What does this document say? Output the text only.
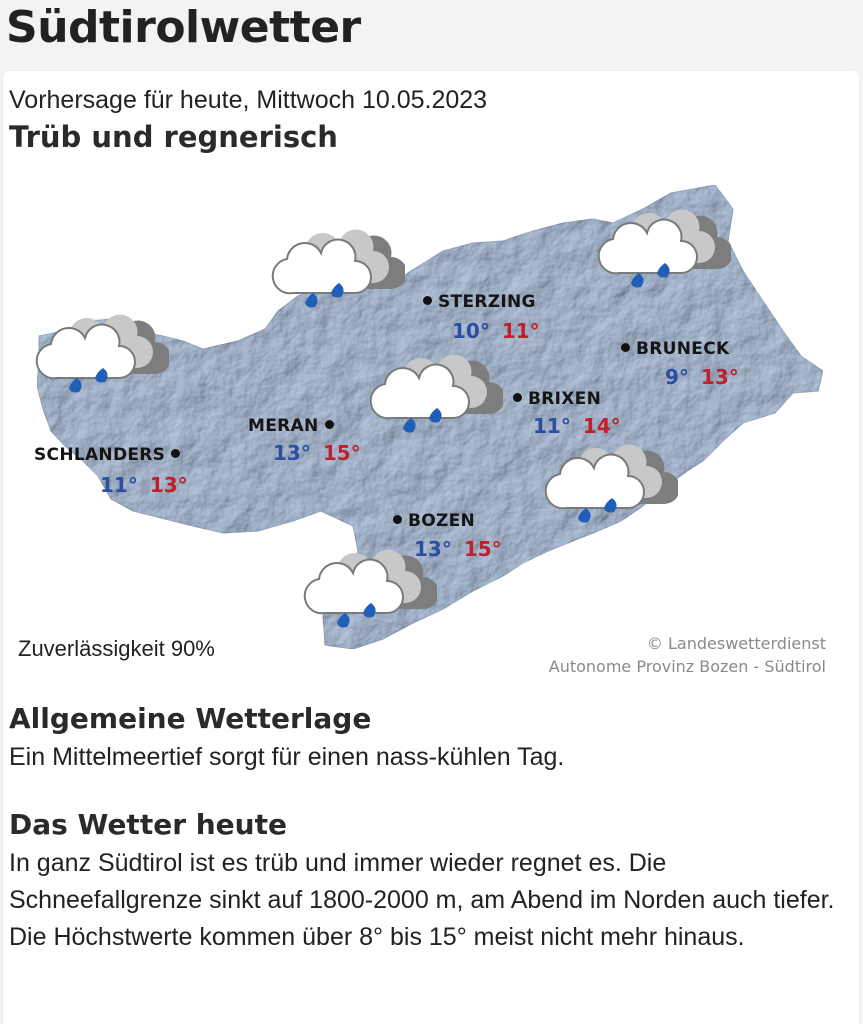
Südtirolwetter
Vorhersage für heute, Mittwoch 10.05.2023
Trüb und regnerisch
STERZING
10° 11°
BRUNECK
9° 13°
BRIXEN
11° 14°
MERAN
13° 15°
SCHLANDERS
11° 13°
BOZEN
13° 15°
Zuverlässigkeit 90%	© Landeswetterdienst
Autonome Provinz Bozen - Südtirol
Allgemeine Wetterlage
Ein Mittelmeertief sorgt für einen nass-kühlen Tag.
Das Wetter heute
In ganz Südtirol ist es trüb und immer wieder regnet es. Die Schneefallgrenze sinkt auf 1800-2000 m, am Abend im Norden auch tiefer. Die Höchstwerte kommen über 8° bis 15° meist nicht mehr hinaus.
